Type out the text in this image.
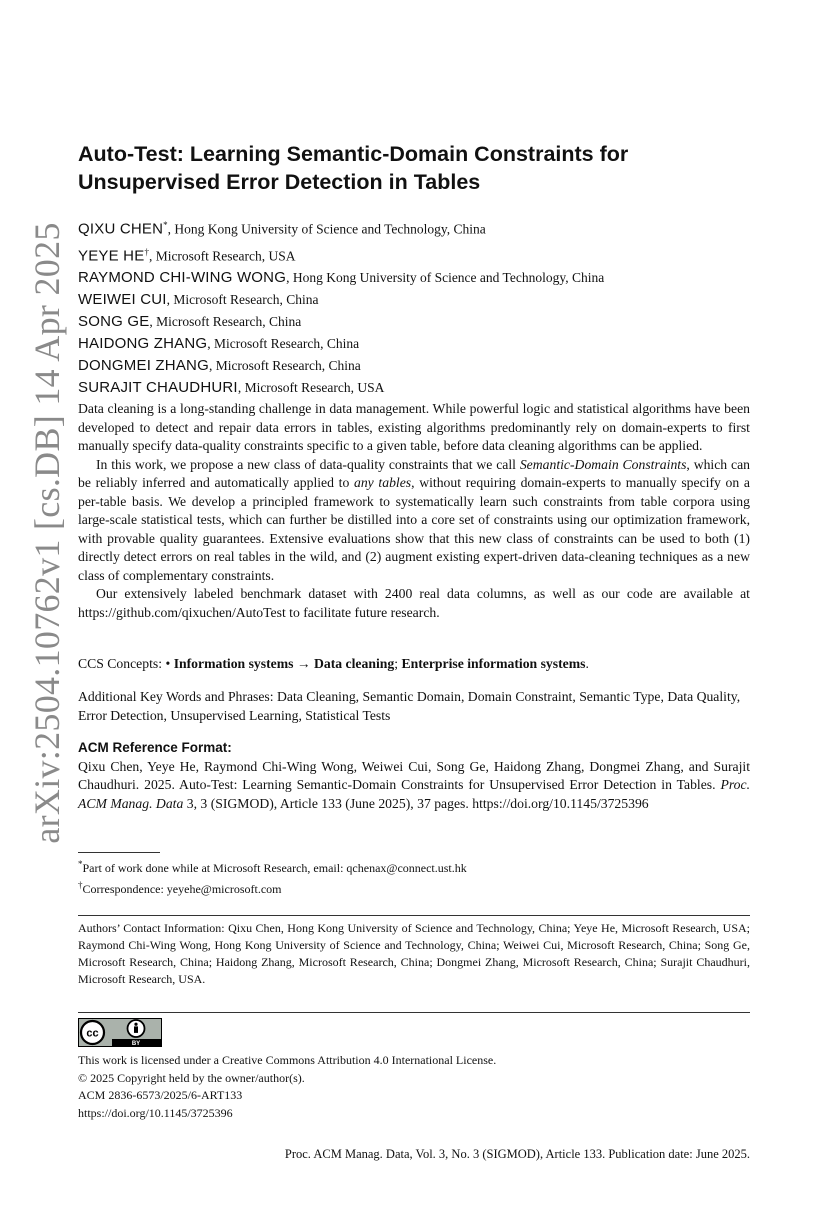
arXiv:2504.10762v1 [cs.DB] 14 Apr 2025
Auto-Test: Learning Semantic-Domain Constraints for
Unsupervised Error Detection in Tables
QIXU CHEN*, Hong Kong University of Science and Technology, China
YEYE HE†, Microsoft Research, USA
RAYMOND CHI-WING WONG, Hong Kong University of Science and Technology, China
WEIWEI CUI, Microsoft Research, China
SONG GE, Microsoft Research, China
HAIDONG ZHANG, Microsoft Research, China
DONGMEI ZHANG, Microsoft Research, China
SURAJIT CHAUDHURI, Microsoft Research, USA

Data cleaning is a long-standing challenge in data management. While powerful logic and statistical algorithms have been developed to detect and repair data errors in tables, existing algorithms predominantly rely on domain-experts to first manually specify data-quality constraints specific to a given table, before data cleaning algorithms can be applied.

In this work, we propose a new class of data-quality constraints that we call Semantic-Domain Constraints, which can be reliably inferred and automatically applied to any tables, without requiring domain-experts to manually specify on a per-table basis. We develop a principled framework to systematically learn such constraints from table corpora using large-scale statistical tests, which can further be distilled into a core set of constraints using our optimization framework, with provable quality guarantees. Extensive evaluations show that this new class of constraints can be used to both (1) directly detect errors on real tables in the wild, and (2) augment existing expert-driven data-cleaning techniques as a new class of complementary constraints.

Our extensively labeled benchmark dataset with 2400 real data columns, as well as our code are available at https://github.com/qixuchen/AutoTest to facilitate future research.

CCS Concepts: • Information systems → Data cleaning; Enterprise information systems.
Additional Key Words and Phrases: Data Cleaning, Semantic Domain, Domain Constraint, Semantic Type, Data Quality, Error Detection, Unsupervised Learning, Statistical Tests
ACM Reference Format:
Qixu Chen, Yeye He, Raymond Chi-Wing Wong, Weiwei Cui, Song Ge, Haidong Zhang, Dongmei Zhang, and Surajit Chaudhuri. 2025. Auto-Test: Learning Semantic-Domain Constraints for Unsupervised Error Detection in Tables. Proc. ACM Manag. Data 3, 3 (SIGMOD), Article 133 (June 2025), 37 pages. https://doi.org/10.1145/3725396
*Part of work done while at Microsoft Research, email: qchenax@connect.ust.hk
†Correspondence: yeyehe@microsoft.com
Authors’ Contact Information: Qixu Chen, Hong Kong University of Science and Technology, China; Yeye He, Microsoft Research, USA; Raymond Chi-Wing Wong, Hong Kong University of Science and Technology, China; Weiwei Cui, Microsoft Research, China; Song Ge, Microsoft Research, China; Haidong Zhang, Microsoft Research, China; Dongmei Zhang, Microsoft Research, China; Surajit Chaudhuri, Microsoft Research, USA.
cc
BY
This work is licensed under a Creative Commons Attribution 4.0 International License.
© 2025 Copyright held by the owner/author(s).
ACM 2836-6573/2025/6-ART133
https://doi.org/10.1145/3725396
Proc. ACM Manag. Data, Vol. 3, No. 3 (SIGMOD), Article 133. Publication date: June 2025.
